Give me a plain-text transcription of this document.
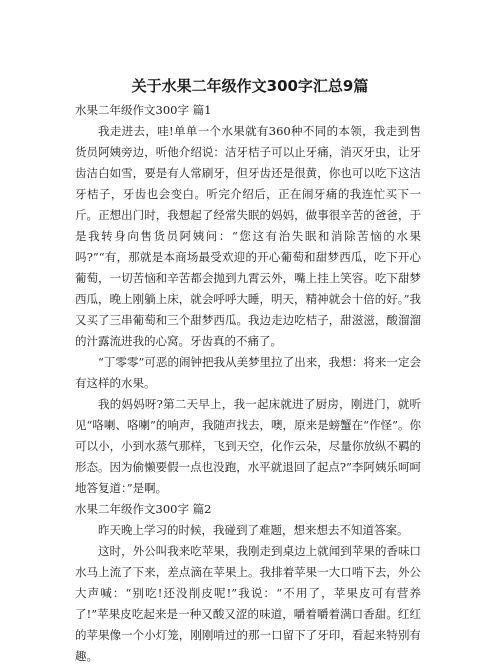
关于水果二年级作文300字汇总9篇

水果二年级作文300字 篇1

我走进去，哇!单单一个水果就有360种不同的本领，我走到售货员阿姨旁边，听他介绍说：洁牙桔子可以止牙痛，消灭牙虫，让牙齿洁白如雪，要是有人常刷牙，但牙齿还是很黄，你也可以吃下这洁牙桔子，牙齿也会变白。听完介绍后，正在闹牙痛的我连忙买下一斤。正想出门时，我想起了经常失眠的妈妈，做事很辛苦的爸爸，于是我转身向售货员阿姨问：“您这有治失眠和消除苦恼的水果吗?”“有，那就是本商场最受欢迎的开心葡萄和甜梦西瓜，吃下开心葡萄，一切苦恼和辛苦都会抛到九霄云外，嘴上挂上笑容。吃下甜梦西瓜，晚上刚躺上床，就会呼呼大睡，明天，精神就会十倍的好。”我又买了三串葡萄和三个甜梦西瓜。我边走边吃桔子，甜滋滋，酸溜溜的汁露流进我的心窝。牙齿真的不痛了。

“丁零零”可恶的闹钟把我从美梦里拉了出来，我想：将来一定会有这样的水果。

我的妈妈呀?第二天早上，我一起床就进了厨房，刚进门，就听见“咯喇、咯喇”的响声，我随声找去，噢，原来是螃蟹在“作怪”。你可以小，小到水蒸气那样，飞到天空，化作云朵，尽量你放纵不羁的形态。因为偷懒要假一点也没跑，水平就退回了起点?”李阿姨乐呵呵地答复道：”是啊。

水果二年级作文300字 篇2

昨天晚上学习的时候，我碰到了难题，想来想去不知道答案。

这时，外公叫我来吃苹果，我刚走到桌边上就闻到苹果的香味口水马上流了下来，差点滴在苹果上。我排着苹果一大口啃下去，外公大声喊：“别吃!还没削皮呢!”我说：“不用了，苹果皮可有营养了!”苹果皮吃起来是一种又酸又涩的味道，嚼着嚼着满口香甜。红红的苹果像一个小灯笼，刚刚啃过的那一口留下了牙印，看起来特别有趣。
